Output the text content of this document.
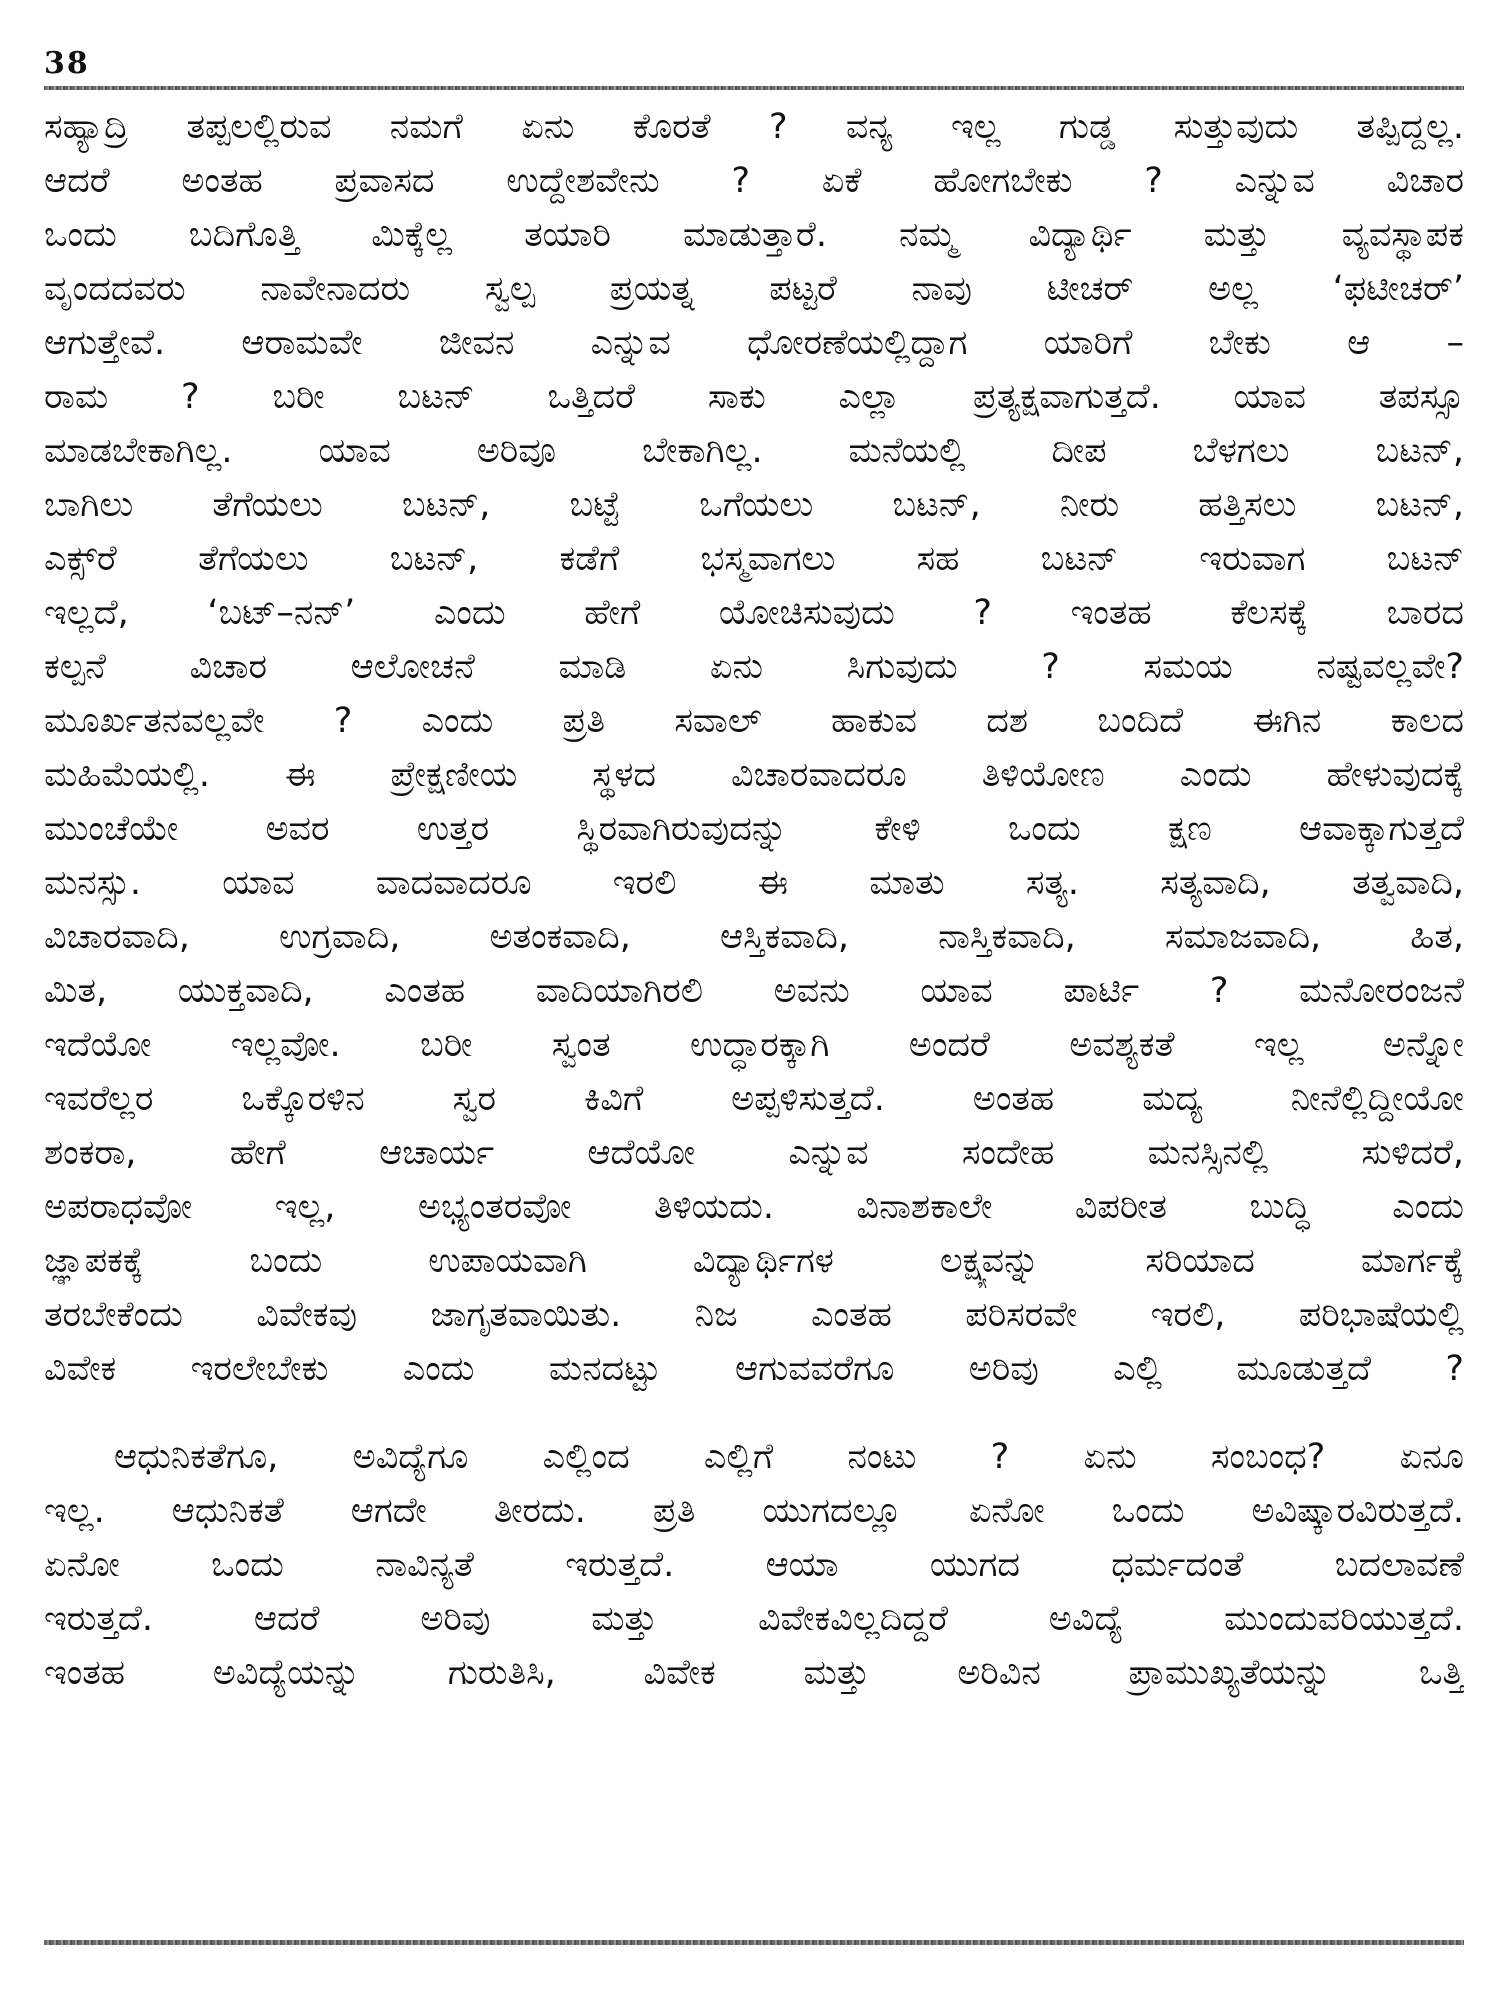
38
ಸಹ್ಯಾದ್ರಿ ತಪ್ಪಲಲ್ಲಿರುವ ನಮಗೆ ಏನು ಕೊರತೆ ? ವನ್ಯ ಇಲ್ಲ ಗುಡ್ಡ ಸುತ್ತುವುದು ತಪ್ಪಿದ್ದಲ್ಲ.
ಆದರೆ ಅಂತಹ ಪ್ರವಾಸದ ಉದ್ದೇಶವೇನು ? ಏಕೆ ಹೋಗಬೇಕು ? ಎನ್ನುವ ವಿಚಾರ
ಒಂದು ಬದಿಗೊತ್ತಿ ಮಿಕ್ಕೆಲ್ಲ ತಯಾರಿ ಮಾಡುತ್ತಾರೆ. ನಮ್ಮ ವಿದ್ಯಾರ್ಥಿ ಮತ್ತು ವ್ಯವಸ್ಥಾಪಕ
ವೃಂದದವರು ನಾವೇನಾದರು ಸ್ವಲ್ಪ ಪ್ರಯತ್ನ ಪಟ್ಟರೆ ನಾವು ಟೀಚರ್ ಅಲ್ಲ ‘ಫಟೀಚರ್’
ಆಗುತ್ತೇವೆ. ಆರಾಮವೇ ಜೀವನ ಎನ್ನುವ ಧೋರಣೆಯಲ್ಲಿದ್ದಾಗ ಯಾರಿಗೆ ಬೇಕು ಆ –
ರಾಮ ? ಬರೀ ಬಟನ್ ಒತ್ತಿದರೆ ಸಾಕು ಎಲ್ಲಾ ಪ್ರತ್ಯಕ್ಷವಾಗುತ್ತದೆ. ಯಾವ ತಪಸ್ಸೂ
ಮಾಡಬೇಕಾಗಿಲ್ಲ. ಯಾವ ಅರಿವೂ ಬೇಕಾಗಿಲ್ಲ. ಮನೆಯಲ್ಲಿ ದೀಪ ಬೆಳಗಲು ಬಟನ್,
ಬಾಗಿಲು ತೆಗೆಯಲು ಬಟನ್, ಬಟ್ಟೆ ಒಗೆಯಲು ಬಟನ್, ನೀರು ಹತ್ತಿಸಲು ಬಟನ್,
ಎಕ್ಸ್‌ರೆ ತೆಗೆಯಲು ಬಟನ್, ಕಡೆಗೆ ಭಸ್ಮವಾಗಲು ಸಹ ಬಟನ್ ಇರುವಾಗ ಬಟನ್
ಇಲ್ಲದೆ, ‘ಬಟ್–ನನ್’ ಎಂದು ಹೇಗೆ ಯೋಚಿಸುವುದು ? ಇಂತಹ ಕೆಲಸಕ್ಕೆ ಬಾರದ
ಕಲ್ಪನೆ ವಿಚಾರ ಆಲೋಚನೆ ಮಾಡಿ ಏನು ಸಿಗುವುದು ? ಸಮಯ ನಷ್ಟವಲ್ಲವೇ?
ಮೂರ್ಖತನವಲ್ಲವೇ ? ಎಂದು ಪ್ರತಿ ಸವಾಲ್ ಹಾಕುವ ದಶ ಬಂದಿದೆ ಈಗಿನ ಕಾಲದ
ಮಹಿಮೆಯಲ್ಲಿ. ಈ ಪ್ರೇಕ್ಷಣೀಯ ಸ್ಥಳದ ವಿಚಾರವಾದರೂ ತಿಳಿಯೋಣ ಎಂದು ಹೇಳುವುದಕ್ಕೆ
ಮುಂಚೆಯೇ ಅವರ ಉತ್ತರ ಸ್ಥಿರವಾಗಿರುವುದನ್ನು ಕೇಳಿ ಒಂದು ಕ್ಷಣ ಆವಾಕ್ಕಾಗುತ್ತದೆ
ಮನಸ್ಸು. ಯಾವ ವಾದವಾದರೂ ಇರಲಿ ಈ ಮಾತು ಸತ್ಯ. ಸತ್ಯವಾದಿ, ತತ್ವವಾದಿ,
ವಿಚಾರವಾದಿ, ಉಗ್ರವಾದಿ, ಅತಂಕವಾದಿ, ಆಸ್ತಿಕವಾದಿ, ನಾಸ್ತಿಕವಾದಿ, ಸಮಾಜವಾದಿ, ಹಿತ,
ಮಿತ, ಯುಕ್ತವಾದಿ, ಎಂತಹ ವಾದಿಯಾಗಿರಲಿ ಅವನು ಯಾವ ಪಾರ್ಟಿ ? ಮನೋರಂಜನೆ
ಇದೆಯೋ ಇಲ್ಲವೋ. ಬರೀ ಸ್ವಂತ ಉದ್ಧಾರಕ್ಕಾಗಿ ಅಂದರೆ ಅವಶ್ಯಕತೆ ಇಲ್ಲ ಅನ್ನೋ
ಇವರೆಲ್ಲರ ಒಕ್ಕೊರಳಿನ ಸ್ವರ ಕಿವಿಗೆ ಅಪ್ಪಳಿಸುತ್ತದೆ. ಅಂತಹ ಮದ್ಯ ನೀನೆಲ್ಲಿದ್ದೀಯೋ
ಶಂಕರಾ, ಹೇಗೆ ಆಚಾರ್ಯ ಆದೆಯೋ ಎನ್ನುವ ಸಂದೇಹ ಮನಸ್ಸಿನಲ್ಲಿ ಸುಳಿದರೆ,
ಅಪರಾಧವೋ ಇಲ್ಲ, ಅಭ್ಯಂತರವೋ ತಿಳಿಯದು. ವಿನಾಶಕಾಲೇ ವಿಪರೀತ ಬುದ್ಧಿ ಎಂದು
ಜ್ಞಾಪಕಕ್ಕೆ ಬಂದು ಉಪಾಯವಾಗಿ ವಿದ್ಯಾರ್ಥಿಗಳ ಲಕ್ಷ್ಯವನ್ನು ಸರಿಯಾದ ಮಾರ್ಗಕ್ಕೆ
ತರಬೇಕೆಂದು ವಿವೇಕವು ಜಾಗೃತವಾಯಿತು. ನಿಜ ಎಂತಹ ಪರಿಸರವೇ ಇರಲಿ, ಪರಿಭಾಷೆಯಲ್ಲಿ
ವಿವೇಕ ಇರಲೇಬೇಕು ಎಂದು ಮನದಟ್ಟು ಆಗುವವರೆಗೂ ಅರಿವು ಎಲ್ಲಿ ಮೂಡುತ್ತದೆ ?
ಆಧುನಿಕತೆಗೂ, ಅವಿದ್ಯೆಗೂ ಎಲ್ಲಿಂದ ಎಲ್ಲಿಗೆ ನಂಟು ? ಏನು ಸಂಬಂಧ? ಏನೂ
ಇಲ್ಲ. ಆಧುನಿಕತೆ ಆಗದೇ ತೀರದು. ಪ್ರತಿ ಯುಗದಲ್ಲೂ ಏನೋ ಒಂದು ಅವಿಷ್ಕಾರವಿರುತ್ತದೆ.
ಏನೋ ಒಂದು ನಾವಿನ್ಯತೆ ಇರುತ್ತದೆ. ಆಯಾ ಯುಗದ ಧರ್ಮದಂತೆ ಬದಲಾವಣೆ
ಇರುತ್ತದೆ. ಆದರೆ ಅರಿವು ಮತ್ತು ವಿವೇಕವಿಲ್ಲದಿದ್ದರೆ ಅವಿದ್ಯೆ ಮುಂದುವರಿಯುತ್ತದೆ.
ಇಂತಹ ಅವಿದ್ಯೆಯನ್ನು ಗುರುತಿಸಿ, ವಿವೇಕ ಮತ್ತು ಅರಿವಿನ ಪ್ರಾಮುಖ್ಯತೆಯನ್ನು ಒತ್ತಿ
